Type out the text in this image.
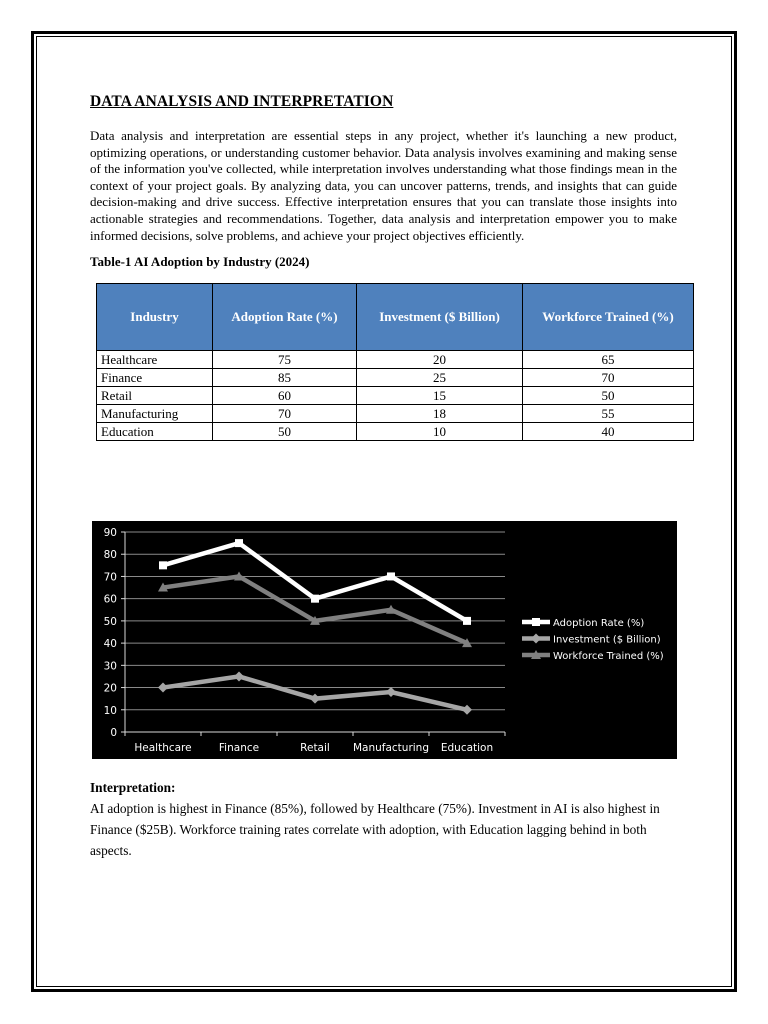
DATA ANALYSIS AND INTERPRETATION

Data analysis and interpretation are essential steps in any project, whether it's launching a new product, optimizing operations, or understanding customer behavior. Data analysis involves examining and making sense of the information you've collected, while interpretation involves understanding what those findings mean in the context of your project goals. By analyzing data, you can uncover patterns, trends, and insights that can guide decision-making and drive success. Effective interpretation ensures that you can translate those insights into actionable strategies and recommendations. Together, data analysis and interpretation empower you to make informed decisions, solve problems, and achieve your project objectives efficiently.

Table-1 AI Adoption by Industry (2024)
Industry	Adoption Rate (%)	Investment ($ Billion)	Workforce Trained (%)
Healthcare	75	20	65
Finance	85	25	70
Retail	60	15	50
Manufacturing	70	18	55
Education	50	10	40
0
10
20
30
40
50
60
70
80
90
Healthcare	Finance	Retail Manufacturing Education
Adoption Rate (%)
Investment ($ Billion)
Workforce Trained (%)
Interpretation:
AI adoption is highest in Finance (85%), followed by Healthcare (75%). Investment in AI is also highest in Finance ($25B). Workforce training rates correlate with adoption, with Education lagging behind in both aspects.
